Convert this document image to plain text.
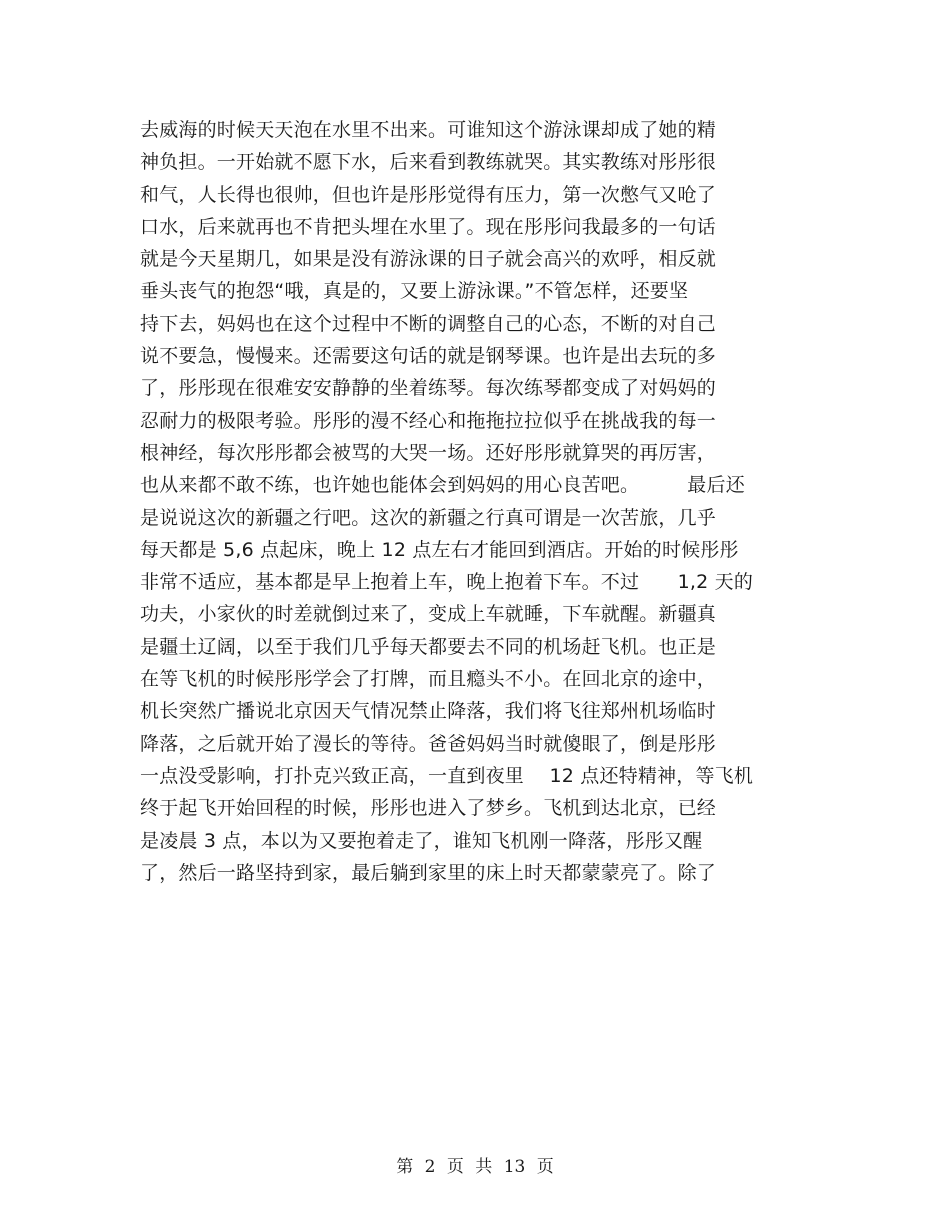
去威海的时候天天泡在水里不出来。可谁知这个游泳课却成了她的精
神负担。一开始就不愿下水，后来看到教练就哭。其实教练对彤彤很
和气，人长得也很帅，但也许是彤彤觉得有压力，第一次憋气又呛了
口水，后来就再也不肯把头埋在水里了。现在彤彤问我最多的一句话
就是今天星期几，如果是没有游泳课的日子就会高兴的欢呼，相反就
垂头丧气的抱怨“哦，真是的，又要上游泳课。”不管怎样，还要坚
持下去，妈妈也在这个过程中不断的调整自己的心态，不断的对自己
说不要急，慢慢来。还需要这句话的就是钢琴课。也许是出去玩的多
了，彤彤现在很难安安静静的坐着练琴。每次练琴都变成了对妈妈的
忍耐力的极限考验。彤彤的漫不经心和拖拖拉拉似乎在挑战我的每一
根神经，每次彤彤都会被骂的大哭一场。还好彤彤就算哭的再厉害，
也从来都不敢不练，也许她也能体会到妈妈的用心良苦吧。　　　最后还
是说说这次的新疆之行吧。这次的新疆之行真可谓是一次苦旅，几乎
每天都是 5,6 点起床，晚上 12 点左右才能回到酒店。开始的时候彤彤
非常不适应，基本都是早上抱着上车，晚上抱着下车。不过　　1,2 天的
功夫，小家伙的时差就倒过来了，变成上车就睡，下车就醒。新疆真
是疆土辽阔，以至于我们几乎每天都要去不同的机场赶飞机。也正是
在等飞机的时候彤彤学会了打牌，而且瘾头不小。在回北京的途中，
机长突然广播说北京因天气情况禁止降落，我们将飞往郑州机场临时
降落，之后就开始了漫长的等待。爸爸妈妈当时就傻眼了，倒是彤彤
一点没受影响，打扑克兴致正高，一直到夜里　 12 点还特精神，等飞机
终于起飞开始回程的时候，彤彤也进入了梦乡。飞机到达北京，已经
是凌晨 3 点，本以为又要抱着走了，谁知飞机刚一降落，彤彤又醒
了，然后一路坚持到家，最后躺到家里的床上时天都蒙蒙亮了。除了
第 2 页 共 13 页
